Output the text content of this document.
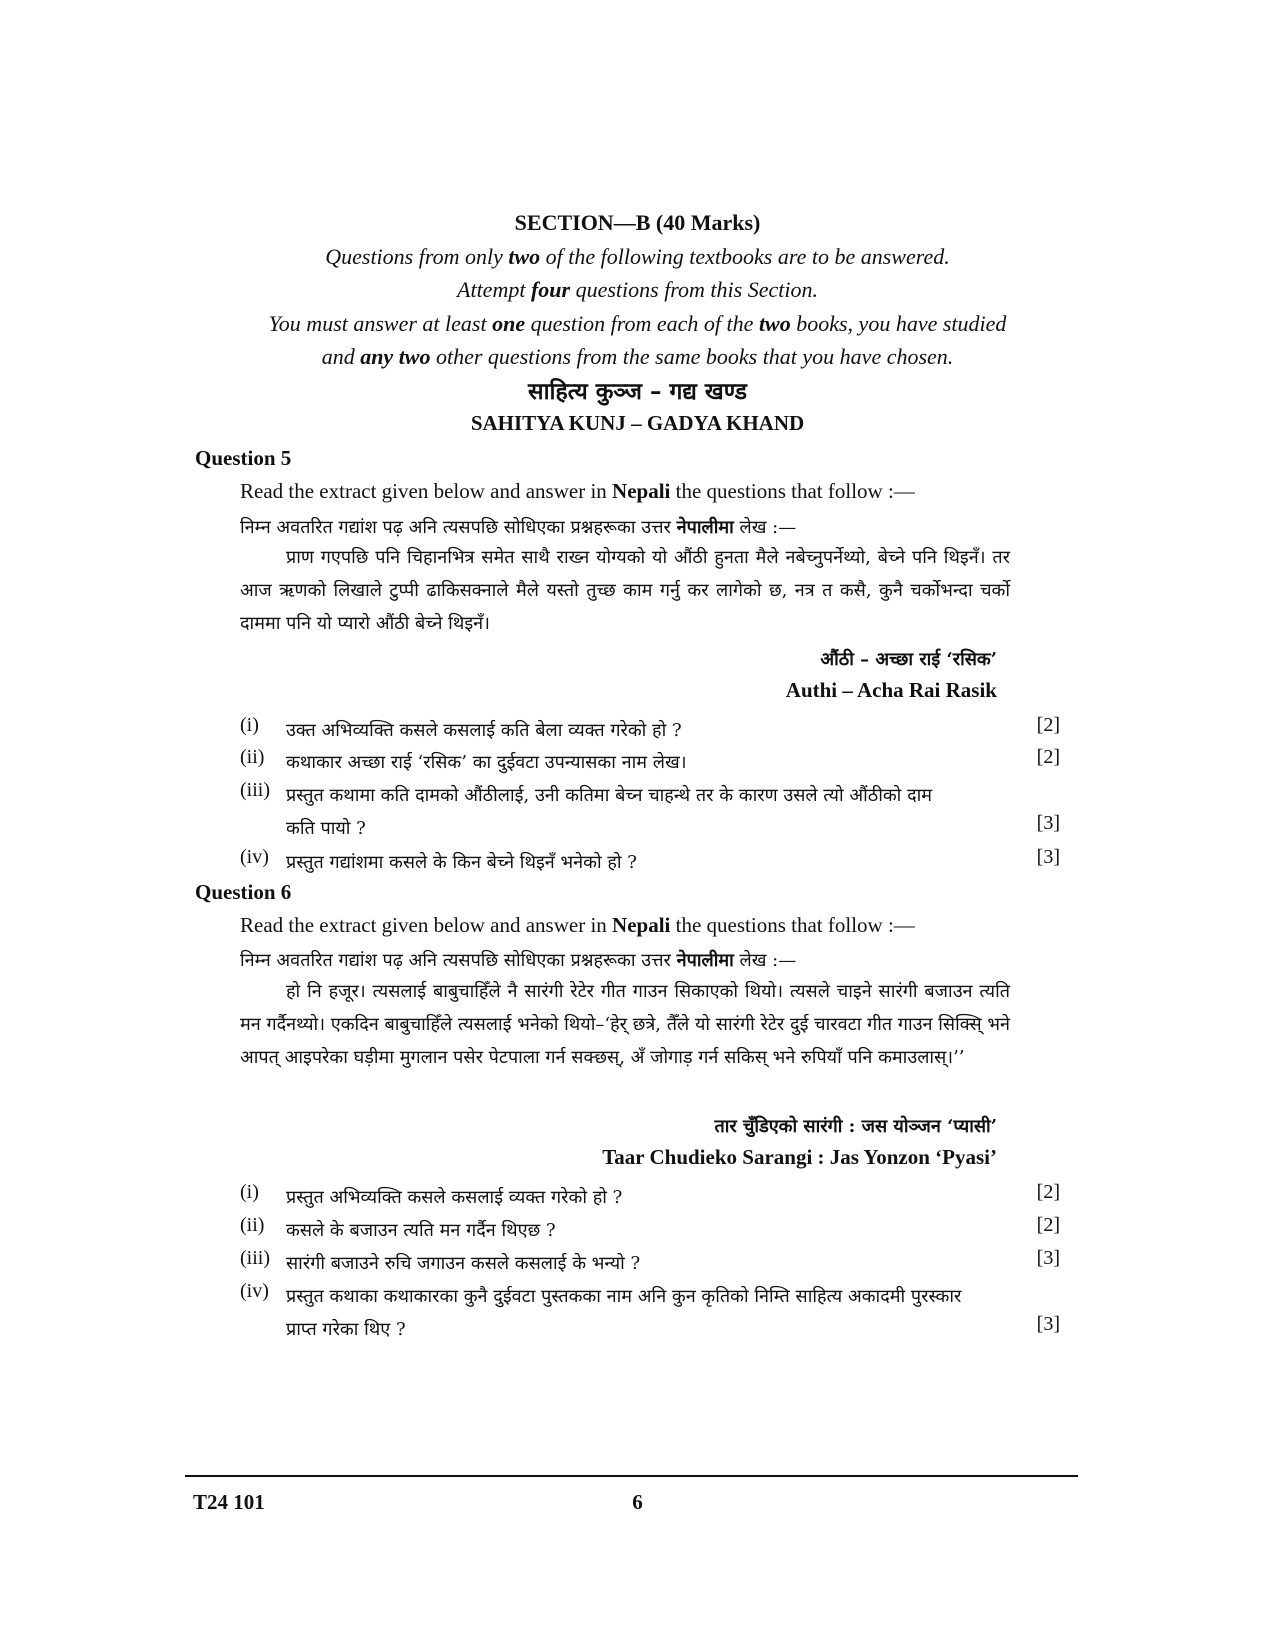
SECTION—B (40 Marks)
Questions from only two of the following textbooks are to be answered.
Attempt four questions from this Section.
You must answer at least one question from each of the two books, you have studied
and any two other questions from the same books that you have chosen.
साहित्य कुञ्ज – गद्य खण्ड
SAHITYA KUNJ – GADYA KHAND
Question 5
Read the extract given below and answer in Nepali the questions that follow :—
निम्न अवतरित गद्यांश पढ़ अनि त्यसपछि सोधिएका प्रश्नहरूका उत्तर नेपालीमा लेख :—
प्राण गएपछि पनि चिहानभित्र समेत साथै राख्न योग्यको यो औंठी हुनता मैले नबेच्नुपर्नेथ्यो, बेच्ने पनि थिइनँ। तर आज ऋणको लिखाले टुप्पी ढाकिसक्नाले मैले यस्तो तुच्छ काम गर्नु कर लागेको छ, नत्र त कसै, कुनै चर्कोभन्दा चर्को दाममा पनि यो प्यारो औंठी बेच्ने थिइनँ।
औंठी – अच्छा राई ‘रसिक’
Authi – Acha Rai Rasik
(i) उक्त अभिव्यक्ति कसले कसलाई कति बेला व्यक्त गरेको हो ?	[2]
(ii) कथाकार अच्छा राई ‘रसिक’ का दुईवटा उपन्यासका नाम लेख।	[2]
(iii) प्रस्तुत कथामा कति दामको औंठीलाई, उनी कतिमा बेच्न चाहन्थे तर के कारण उसले त्यो औंठीको दाम कति पायो ?	[3]
(iv) प्रस्तुत गद्यांशमा कसले के किन बेच्ने थिइनँ भनेको हो ?	[3]
Question 6
Read the extract given below and answer in Nepali the questions that follow :—
निम्न अवतरित गद्यांश पढ़ अनि त्यसपछि सोधिएका प्रश्नहरूका उत्तर नेपालीमा लेख :—
हो नि हजूर। त्यसलाई बाबुचाहिँले नै सारंगी रेटेर गीत गाउन सिकाएको थियो। त्यसले चाइने सारंगी बजाउन त्यति मन गर्दैनथ्यो। एकदिन बाबुचाहिँले त्यसलाई भनेको थियो–‘हेर् छत्रे, तैँले यो सारंगी रेटेर दुई चारवटा गीत गाउन सिक्सि् भने आपत् आइपरेका घड़ीमा मुगलान पसेर पेटपाला गर्न सक्छस्, अँ जोगाड़ गर्न सकिस् भने रुपियाँ पनि कमाउलास्।’’
तार चुँडिएको सारंगी : जस योञ्जन ‘प्यासी’
Taar Chudieko Sarangi : Jas Yonzon ‘Pyasi’
(i) प्रस्तुत अभिव्यक्ति कसले कसलाई व्यक्त गरेको हो ?	[2]
(ii) कसले के बजाउन त्यति मन गर्दैन थिएछ ?	[2]
(iii) सारंगी बजाउने रुचि जगाउन कसले कसलाई के भन्यो ?	[3]
(iv) प्रस्तुत कथाका कथाकारका कुनै दुईवटा पुस्तकका नाम अनि कुन कृतिको निम्ति साहित्य अकादमी पुरस्कार प्राप्त गरेका थिए ?	[3]
T24 101	6
